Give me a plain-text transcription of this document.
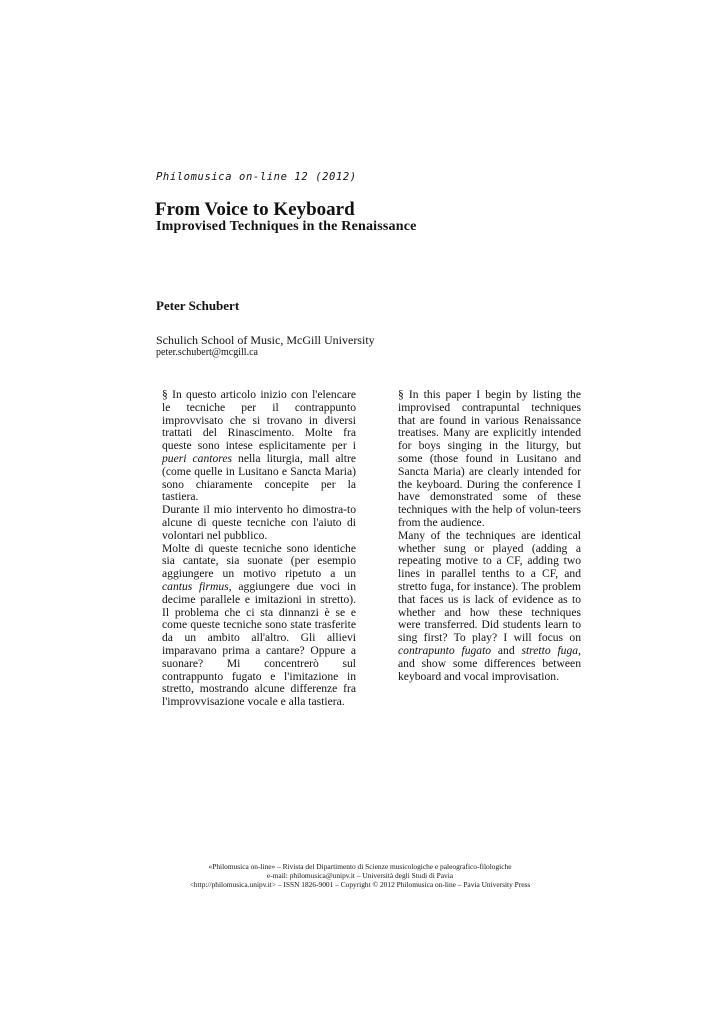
Philomusica on-line 12 (2012)
From Voice to Keyboard
Improvised Techniques in the Renaissance
Peter Schubert
Schulich School of Music, McGill University
peter.schubert@mcgill.ca

§ In questo articolo inizio con l'elencare le tecniche per il contrappunto improvvisato che si trovano in diversi trattati del Rinascimento. Molte fra queste sono intese esplicitamente per i pueri cantores nella liturgia, mall altre (come quelle in Lusitano e Sancta Maria) sono chiaramente concepite per la tastiera.

Durante il mio intervento ho dimostra-to alcune di queste tecniche con l'aiuto di volontari nel pubblico.

Molte di queste tecniche sono identiche sia cantate, sia suonate (per esempio aggiungere un motivo ripetuto a un cantus firmus, aggiungere due voci in decime parallele e imitazioni in stretto). Il problema che ci sta dinnanzi è se e come queste tecniche sono state trasferite da un ambito all'altro. Gli allievi imparavano prima a cantare? Oppure a suonare? Mi concentrerò sul contrappunto fugato e l'imitazione in stretto, mostrando alcune differenze fra l'improvvisazione vocale e alla tastiera.

§ In this paper I begin by listing the improvised contrapuntal techniques that are found in various Renaissance treatises. Many are explicitly intended for boys singing in the liturgy, but some (those found in Lusitano and Sancta Maria) are clearly intended for the keyboard. During the conference I have demonstrated some of these techniques with the help of volun-teers from the audience.

Many of the techniques are identical whether sung or played (adding a repeating motive to a CF, adding two lines in parallel tenths to a CF, and stretto fuga, for instance). The problem that faces us is lack of evidence as to whether and how these techniques were transferred. Did students learn to sing first? To play? I will focus on contrapunto fugato and stretto fuga, and show some differences between keyboard and vocal improvisation.

«Philomusica on-line» – Rivista del Dipartimento di Scienze musicologiche e paleografico-filologiche
e-mail: philomusica@unipv.it – Università degli Studi di Pavia
<http://philomusica.unipv.it> – ISSN 1826-9001 – Copyright © 2012 Philomusica on-line – Pavia University Press
